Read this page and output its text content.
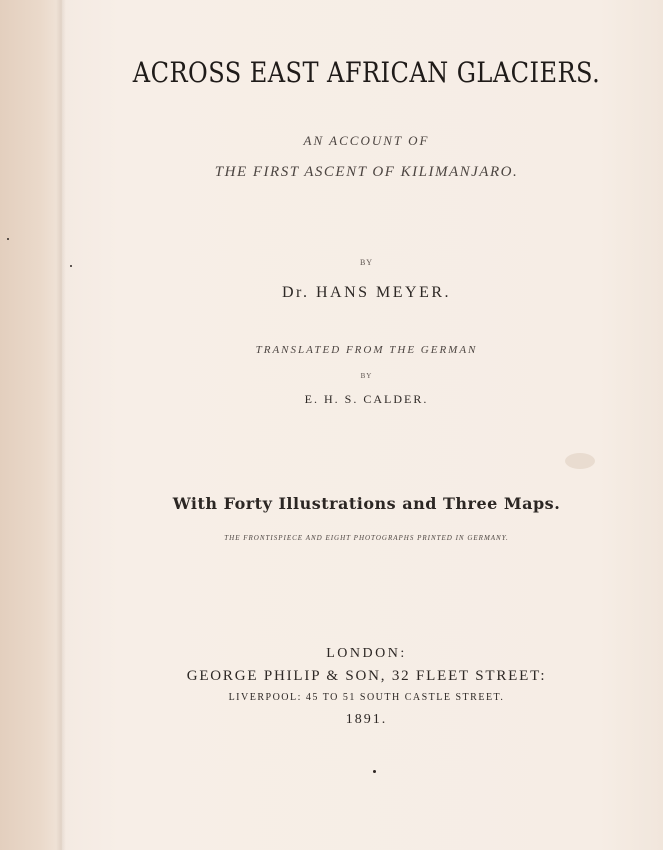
ACROSS EAST AFRICAN GLACIERS.
AN ACCOUNT OF
THE FIRST ASCENT OF KILIMANJARO.
BY
Dr. HANS MEYER.
TRANSLATED FROM THE GERMAN
BY
E. H. S. CALDER.
With Forty Illustrations and Three Maps.
THE FRONTISPIECE AND EIGHT PHOTOGRAPHS PRINTED IN GERMANY.
LONDON:
GEORGE PHILIP & SON, 32 FLEET STREET:
LIVERPOOL: 45 TO 51 SOUTH CASTLE STREET.
1891.
